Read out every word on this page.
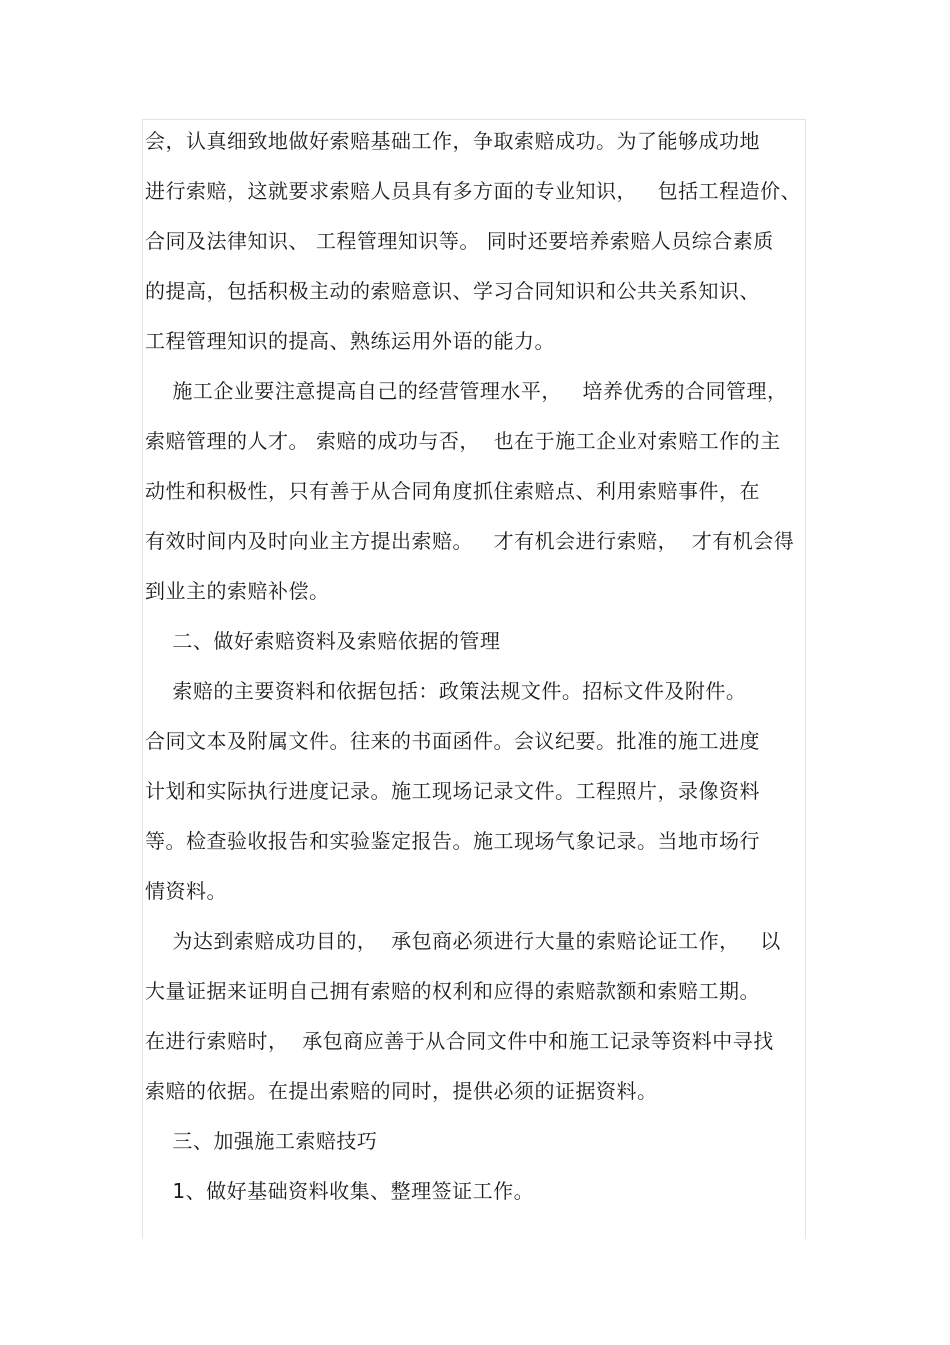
会，认真细致地做好索赔基础工作，争取索赔成功。为了能够成功地
进行索赔，这就要求索赔人员具有多方面的专业知识，   包括工程造价、
合同及法律知识、 工程管理知识等。 同时还要培养索赔人员综合素质
的提高，包括积极主动的索赔意识、学习合同知识和公共关系知识、
工程管理知识的提高、熟练运用外语的能力。
施工企业要注意提高自己的经营管理水平，   培养优秀的合同管理，
索赔管理的人才。 索赔的成功与否，  也在于施工企业对索赔工作的主
动性和积极性，只有善于从合同角度抓住索赔点、利用索赔事件，在
有效时间内及时向业主方提出索赔。   才有机会进行索赔，  才有机会得
到业主的索赔补偿。
二、做好索赔资料及索赔依据的管理
索赔的主要资料和依据包括：政策法规文件。招标文件及附件。
合同文本及附属文件。往来的书面函件。会议纪要。批准的施工进度
计划和实际执行进度记录。施工现场记录文件。工程照片，录像资料
等。检查验收报告和实验鉴定报告。施工现场气象记录。当地市场行
情资料。
为达到索赔成功目的，  承包商必须进行大量的索赔论证工作，   以
大量证据来证明自己拥有索赔的权利和应得的索赔款额和索赔工期。
在进行索赔时，  承包商应善于从合同文件中和施工记录等资料中寻找
索赔的依据。在提出索赔的同时，提供必须的证据资料。
三、加强施工索赔技巧
1、做好基础资料收集、整理签证工作。
